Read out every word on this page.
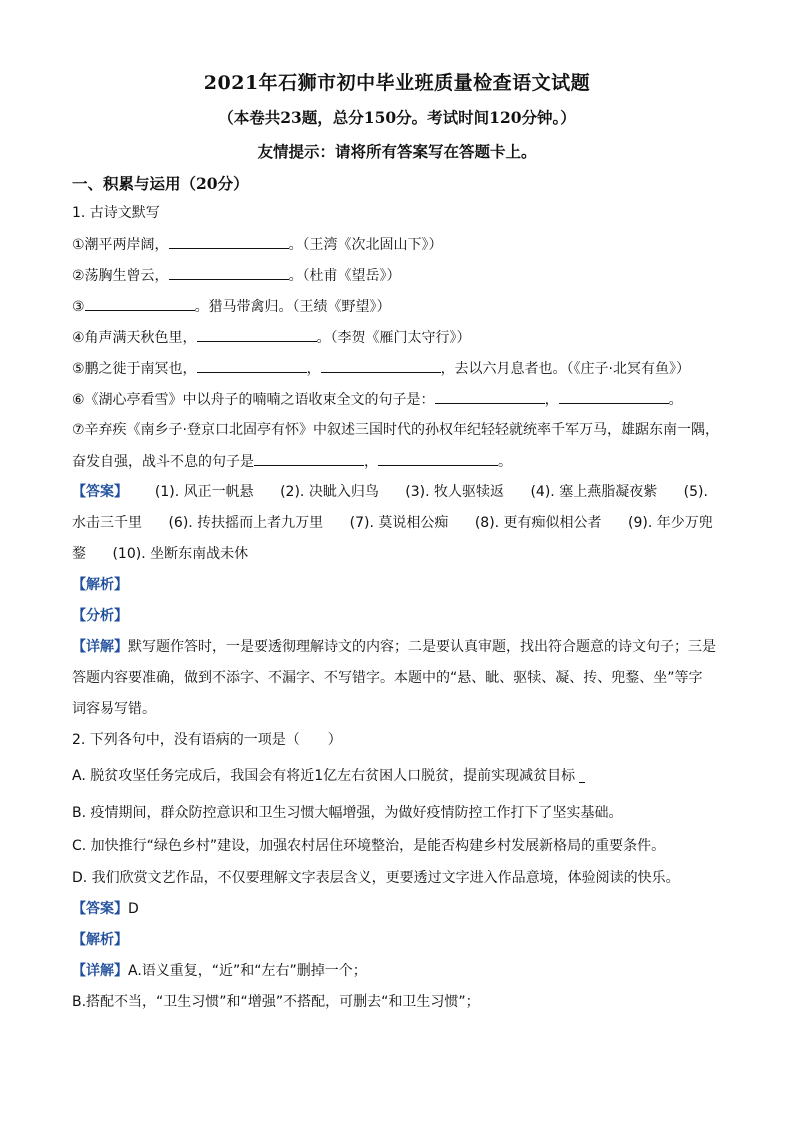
2021年石狮市初中毕业班质量检查语文试题
（本卷共23题，总分150分。考试时间120分钟。）
友情提示：请将所有答案写在答题卡上。
一、积累与运用（20分）
1. 古诗文默写
①潮平两岸阔，	。（王湾《次北固山下》）
②荡胸生曾云，	。（杜甫《望岳》）
③	。猎马带禽归。（王绩《野望》）
④角声满天秋色里，	。（李贺《雁门太守行》）
⑤鹏之徙于南冥也，	，	，去以六月息者也。（《庄子·北冥有鱼》）
⑥《湖心亭看雪》中以舟子的喃喃之语收束全文的句子是：	，	。
⑦辛弃疾《南乡子·登京口北固亭有怀》中叙述三国时代的孙权年纪轻轻就统率千军万马，雄踞东南一隅，
奋发自强，战斗不息的句子是	，	。
【答案】 (1). 风正一帆悬 (2). 决眦入归鸟 (3). 牧人驱犊返 (4). 塞上燕脂凝夜紫 (5).
水击三千里 (6). 抟扶摇而上者九万里 (7). 莫说相公痴 (8). 更有痴似相公者 (9). 年少万兜
鍪 (10). 坐断东南战未休
【解析】
【分析】
【详解】默写题作答时，一是要透彻理解诗文的内容；二是要认真审题，找出符合题意的诗文句子；三是
答题内容要准确，做到不添字、不漏字、不写错字。本题中的“悬、眦、驱犊、凝、抟、兜鍪、坐”等字
词容易写错。
2. 下列各句中，没有语病的一项是（　　）
A. 脱贫攻坚任务完成后，我国会有将近1亿左右贫困人口脱贫，提前实现减贫目标
B. 疫情期间，群众防控意识和卫生习惯大幅增强，为做好疫情防控工作打下了坚实基础。
C. 加快推行“绿色乡村”建设，加强农村居住环境整治，是能否构建乡村发展新格局的重要条件。
D. 我们欣赏文艺作品，不仅要理解文字表层含义，更要透过文字进入作品意境，体验阅读的快乐。
【答案】D
【解析】
【详解】A.语义重复，“近”和“左右”删掉一个；
B.搭配不当，“卫生习惯”和“增强”不搭配，可删去“和卫生习惯”；
